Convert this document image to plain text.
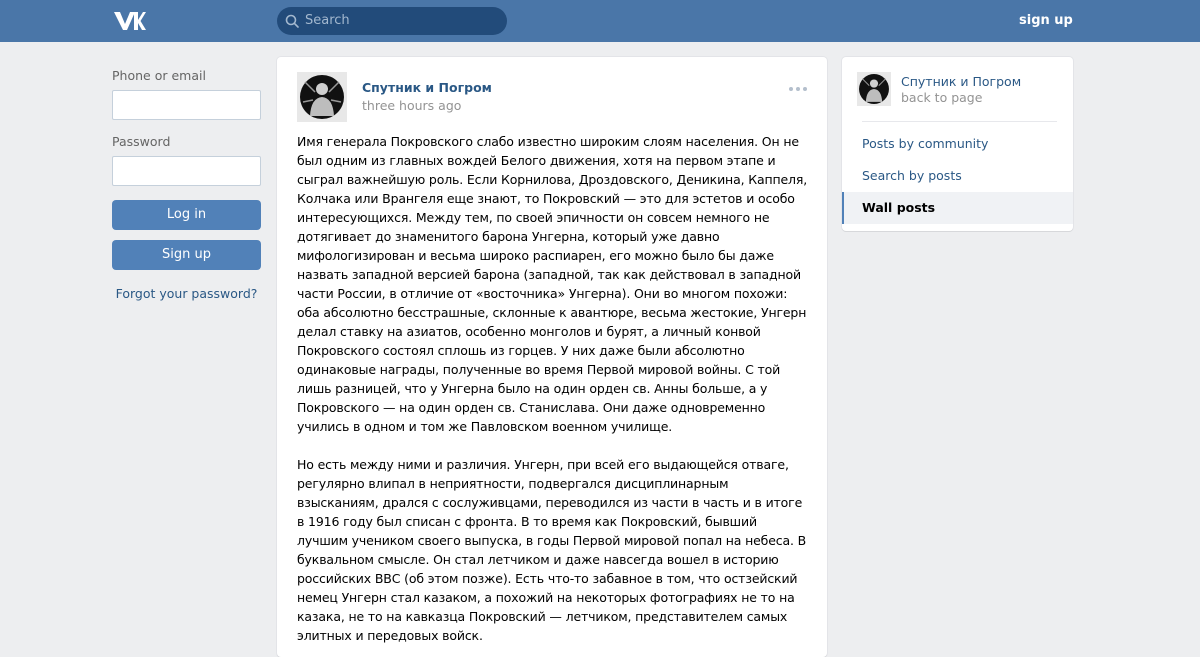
Search	sign up
Phone or email
Password
Log in
Sign up
Forgot your password?
Спутник и Погром
three hours ago
Имя генерала Покровского слабо известно широким слоям населения. Он не был одним из главных вождей Белого движения, хотя на первом этапе и сыграл важнейшую роль. Если Корнилова, Дроздовского, Деникина, Каппеля, Колчака или Врангеля еще знают, то Покровский — это для эстетов и особо интересующихся. Между тем, по своей эпичности он совсем немного не дотягивает до знаменитого барона Унгерна, который уже давно мифологизирован и весьма широко распиарен, его можно было бы даже назвать западной версией барона (западной, так как действовал в западной части России, в отличие от «восточника» Унгерна). Они во многом похожи: оба абсолютно бесстрашные, склонные к авантюре, весьма жестокие, Унгерн делал ставку на азиатов, особенно монголов и бурят, а личный конвой Покровского состоял сплошь из горцев. У них даже были абсолютно одинаковые награды, полученные во время Первой мировой войны. С той лишь разницей, что у Унгерна было на один орден св. Анны больше, а у Покровского — на один орден св. Станислава. Они даже одновременно учились в одном и том же Павловском военном училище.

Но есть между ними и различия. Унгерн, при всей его выдающейся отваге, регулярно влипал в неприятности, подвергался дисциплинарным взысканиям, дрался с сослуживцами, переводился из части в часть и в итоге в 1916 году был списан с фронта. В то время как Покровский, бывший лучшим учеником своего выпуска, в годы Первой мировой попал на небеса. В буквальном смысле. Он стал летчиком и даже навсегда вошел в историю российских ВВС (об этом позже). Есть что-то забавное в том, что остзейский немец Унгерн стал казаком, а похожий на некоторых фотографиях не то на казака, не то на кавказца Покровский — летчиком, представителем самых элитных и передовых войск.
Спутник и Погром
back to page
Posts by community
Search by posts
Wall posts
